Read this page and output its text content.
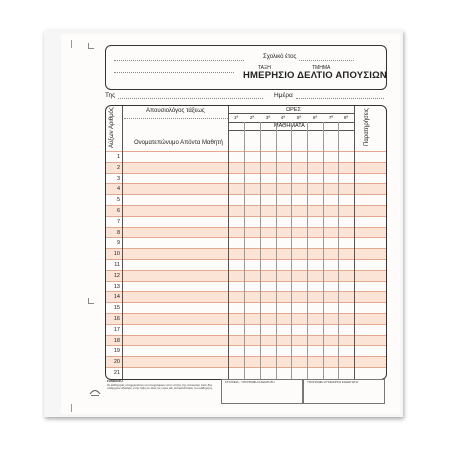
Σχολικό έτος
ΤΑΞΗ	ΤΜΗΜΑ
ΗΜΕΡΗΣΙΟ ΔΕΛΤΙΟ ΑΠΟΥΣΙΩΝ
Της	Ημέρα
Αύξων Αριθμός	Απουσιολόγος τάξεως
Ονοματεπώνυμο Απόντα Μαθητή
ΩΡΕΣ
ΜΑΘΗΜΑΤΑ
1ª	2ª	3ª	4ª	5ª	6ª	7ª	8ª	Παρατηρήσεις
1
2
3
4
5
6
7
8
9
10
11
12
13
14
15
16
17
18
19
20
21
ΣΗΜΕΙΩΣΗ
Οι καθηγητές υποχρεούνται να υπογράφουν στην στήλη της απουσίας όταν δεν υπάρχουν αλλαγές στην τάξη σε όλες τις ώρες και αντικατάσταση του καθηγητή.
ΣΤΟΙΧΕΙΑ - ΥΠΟΓΡΑΦΗ ΚΑΘΗΓΗΤΗ	ΥΠΟΓΡΑΦΗ ΛΥΚΕΙΑΡΧΗ ΚΑΘΗΓΗΤΗ
